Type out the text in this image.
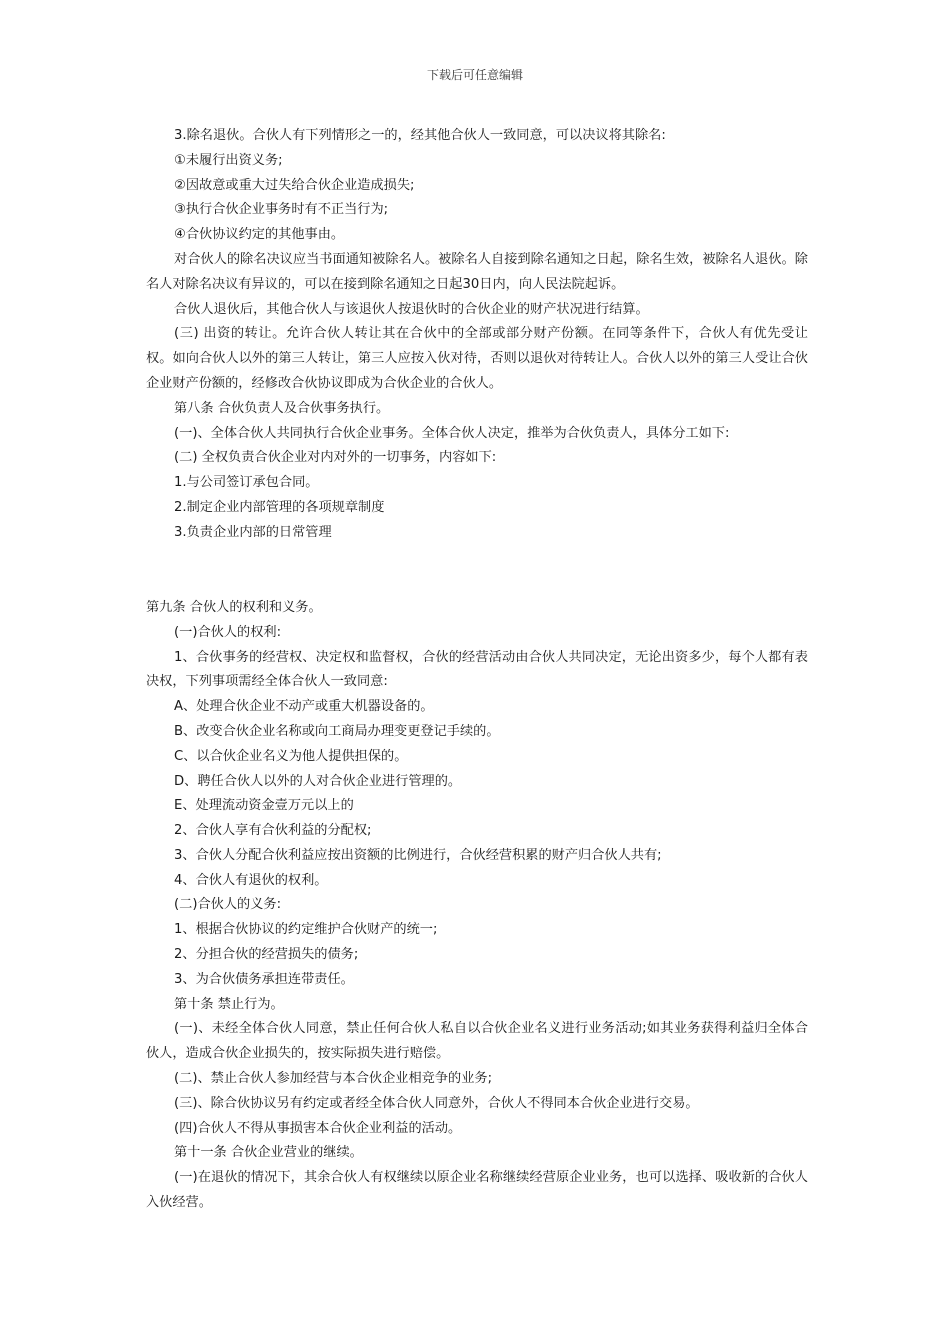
下载后可任意编辑

3.除名退伙。合伙人有下列情形之一的，经其他合伙人一致同意，可以决议将其除名:

①未履行出资义务;

②因故意或重大过失给合伙企业造成损失;

③执行合伙企业事务时有不正当行为;

④合伙协议约定的其他事由。

对合伙人的除名决议应当书面通知被除名人。被除名人自接到除名通知之日起，除名生效，被除名人退伙。除名人对除名决议有异议的，可以在接到除名通知之日起30日内，向人民法院起诉。

合伙人退伙后，其他合伙人与该退伙人按退伙时的合伙企业的财产状况进行结算。

(三) 出资的转让。允许合伙人转让其在合伙中的全部或部分财产份额。在同等条件下，合伙人有优先受让权。如向合伙人以外的第三人转让，第三人应按入伙对待，否则以退伙对待转让人。合伙人以外的第三人受让合伙企业财产份额的，经修改合伙协议即成为合伙企业的合伙人。

第八条 合伙负责人及合伙事务执行。

(一)、全体合伙人共同执行合伙企业事务。全体合伙人决定，推举为合伙负责人，具体分工如下:

(二) 全权负责合伙企业对内对外的一切事务，内容如下:

1.与公司签订承包合同。

2.制定企业内部管理的各项规章制度

3.负责企业内部的日常管理

第九条 合伙人的权利和义务。

(一)合伙人的权利:

1、合伙事务的经营权、决定权和监督权，合伙的经营活动由合伙人共同决定，无论出资多少，每个人都有表决权，下列事项需经全体合伙人一致同意:

A、处理合伙企业不动产或重大机器设备的。

B、改变合伙企业名称或向工商局办理变更登记手续的。

C、以合伙企业名义为他人提供担保的。

D、聘任合伙人以外的人对合伙企业进行管理的。

E、处理流动资金壹万元以上的

2、合伙人享有合伙利益的分配权;

3、合伙人分配合伙利益应按出资额的比例进行，合伙经营积累的财产归合伙人共有;

4、合伙人有退伙的权利。

(二)合伙人的义务:

1、根据合伙协议的约定维护合伙财产的统一;

2、分担合伙的经营损失的债务;

3、为合伙债务承担连带责任。

第十条 禁止行为。

(一)、未经全体合伙人同意，禁止任何合伙人私自以合伙企业名义进行业务活动;如其业务获得利益归全体合伙人，造成合伙企业损失的，按实际损失进行赔偿。

(二)、禁止合伙人参加经营与本合伙企业相竞争的业务;

(三)、除合伙协议另有约定或者经全体合伙人同意外，合伙人不得同本合伙企业进行交易。

(四)合伙人不得从事损害本合伙企业利益的活动。

第十一条 合伙企业营业的继续。

(一)在退伙的情况下，其余合伙人有权继续以原企业名称继续经营原企业业务，也可以选择、吸收新的合伙人入伙经营。
